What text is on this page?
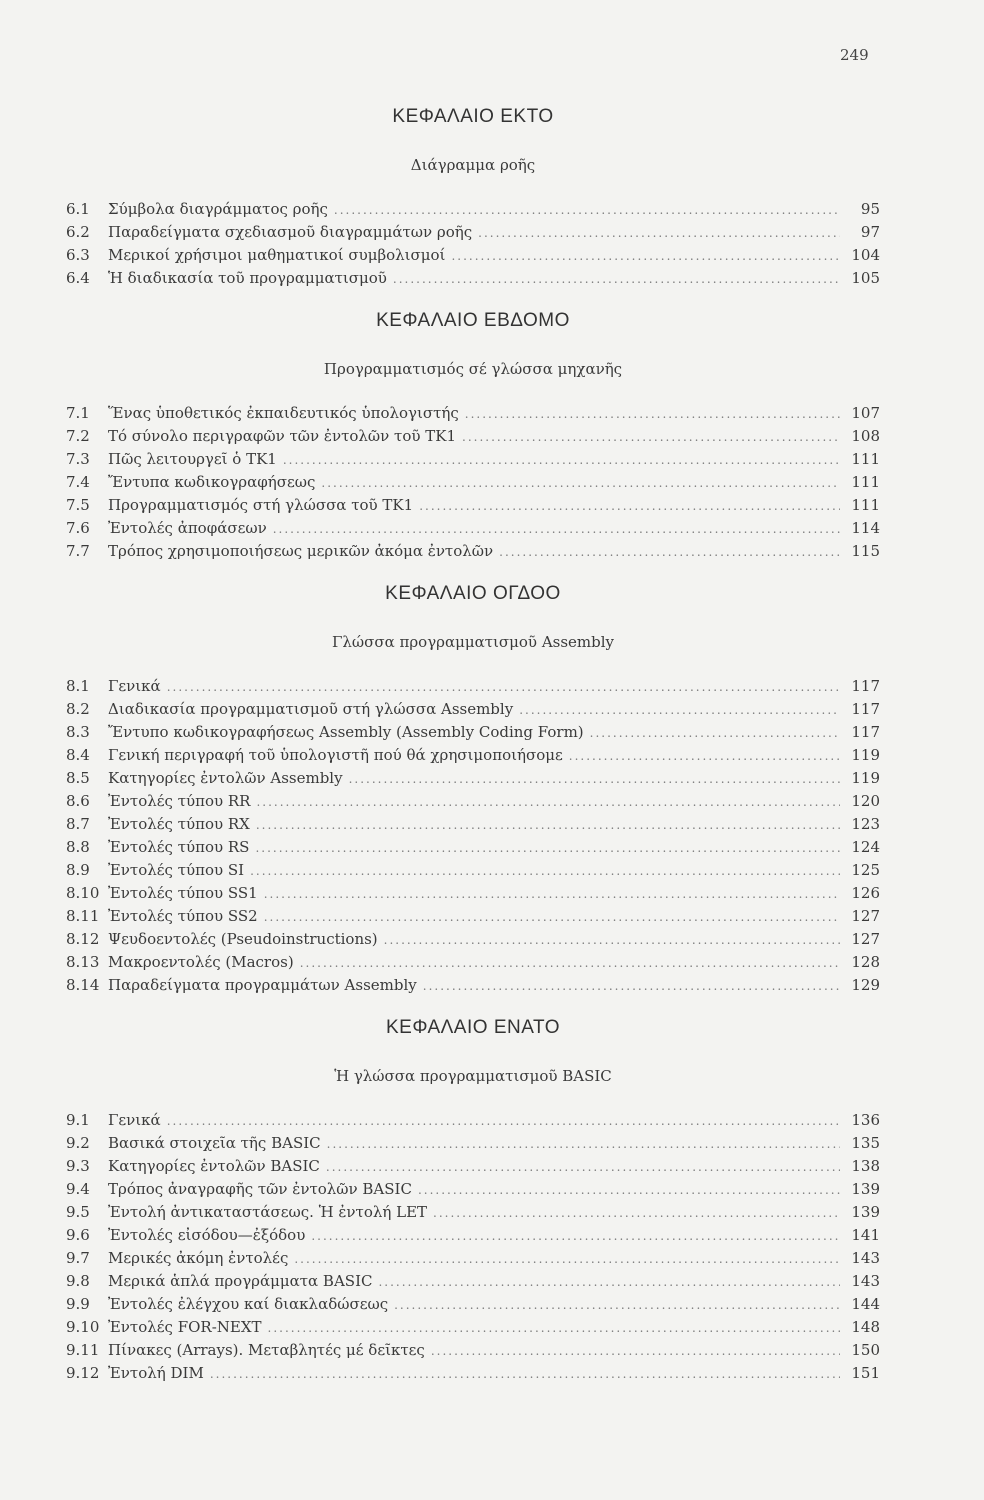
249
ΚΕΦΑΛΑΙΟ ΕΚΤΟ
Διάγραμμα ροῆς
6.1	Σύμβολα διαγράμματος ροῆς .....	95
6.2	Παραδείγματα σχεδιασμοῦ διαγραμμάτων ροῆς .....	97
6.3	Μερικοί χρήσιμοι μαθηματικοί συμβολισμοί .....	104
6.4	Ἡ διαδικασία τοῦ προγραμματισμοῦ .....	105
ΚΕΦΑΛΑΙΟ ΕΒΔΟΜΟ
Προγραμματισμός σέ γλώσσα μηχανῆς
7.1	Ἕνας ὑποθετικός ἐκπαιδευτικός ὑπολογιστής .....	107
7.2	Τό σύνολο περιγραφῶν τῶν ἐντολῶν τοῦ ΤΚ1 .....	108
7.3	Πῶς λειτουργεῖ ὁ ΤΚ1 .....	111
7.4	Ἔντυπα κωδικογραφήσεως .....	111
7.5	Προγραμματισμός στή γλώσσα τοῦ ΤΚ1 .....	111
7.6	Ἐντολές ἀποφάσεων .....	114
7.7	Τρόπος χρησιμοποιήσεως μερικῶν ἀκόμα ἐντολῶν .....	115
ΚΕΦΑΛΑΙΟ ΟΓΔΟΟ
Γλώσσα προγραμματισμοῦ Assembly
8.1	Γενικά .....	117
8.2	Διαδικασία προγραμματισμοῦ στή γλώσσα Assembly .....	117
8.3	Ἔντυπο κωδικογραφήσεως Assembly (Assembly Coding Form) .....	117
8.4	Γενική περιγραφή τοῦ ὑπολογιστῆ πού θά χρησιμοποιήσομε .....	119
8.5	Κατηγορίες ἐντολῶν Assembly .....	119
8.6	Ἐντολές τύπου RR .....	120
8.7	Ἐντολές τύπου RX .....	123
8.8	Ἐντολές τύπου RS .....	124
8.9	Ἐντολές τύπου SI .....	125
8.10 Ἐντολές τύπου SS1 .....	126
8.11 Ἐντολές τύπου SS2 .....	127
8.12 Ψευδοεντολές (Pseudoinstructions) .....	127
8.13 Μακροεντολές (Macros) .....	128
8.14 Παραδείγματα προγραμμάτων Assembly .....	129
ΚΕΦΑΛΑΙΟ ΕΝΑΤΟ
Ἡ γλώσσα προγραμματισμοῦ BASIC
9.1	Γενικά .....	136
9.2	Βασικά στοιχεῖα τῆς BASIC .....	135
9.3	Κατηγορίες ἐντολῶν BASIC .....	138
9.4	Τρόπος ἀναγραφῆς τῶν ἐντολῶν BASIC .....	139
9.5	Ἐντολή ἀντικαταστάσεως. Ἡ ἐντολή LET .....	139
9.6	Ἐντολές εἰσόδου—ἐξόδου .....	141
9.7	Μερικές ἀκόμη ἐντολές .....	143
9.8	Μερικά ἁπλά προγράμματα BASIC .....	143
9.9	Ἐντολές ἐλέγχου καί διακλαδώσεως .....	144
9.10 Ἐντολές FOR-NEXT .....	148
9.11 Πίνακες (Arrays). Μεταβλητές μέ δεῖκτες .....	150
9.12 Ἐντολή DIM .....	151
